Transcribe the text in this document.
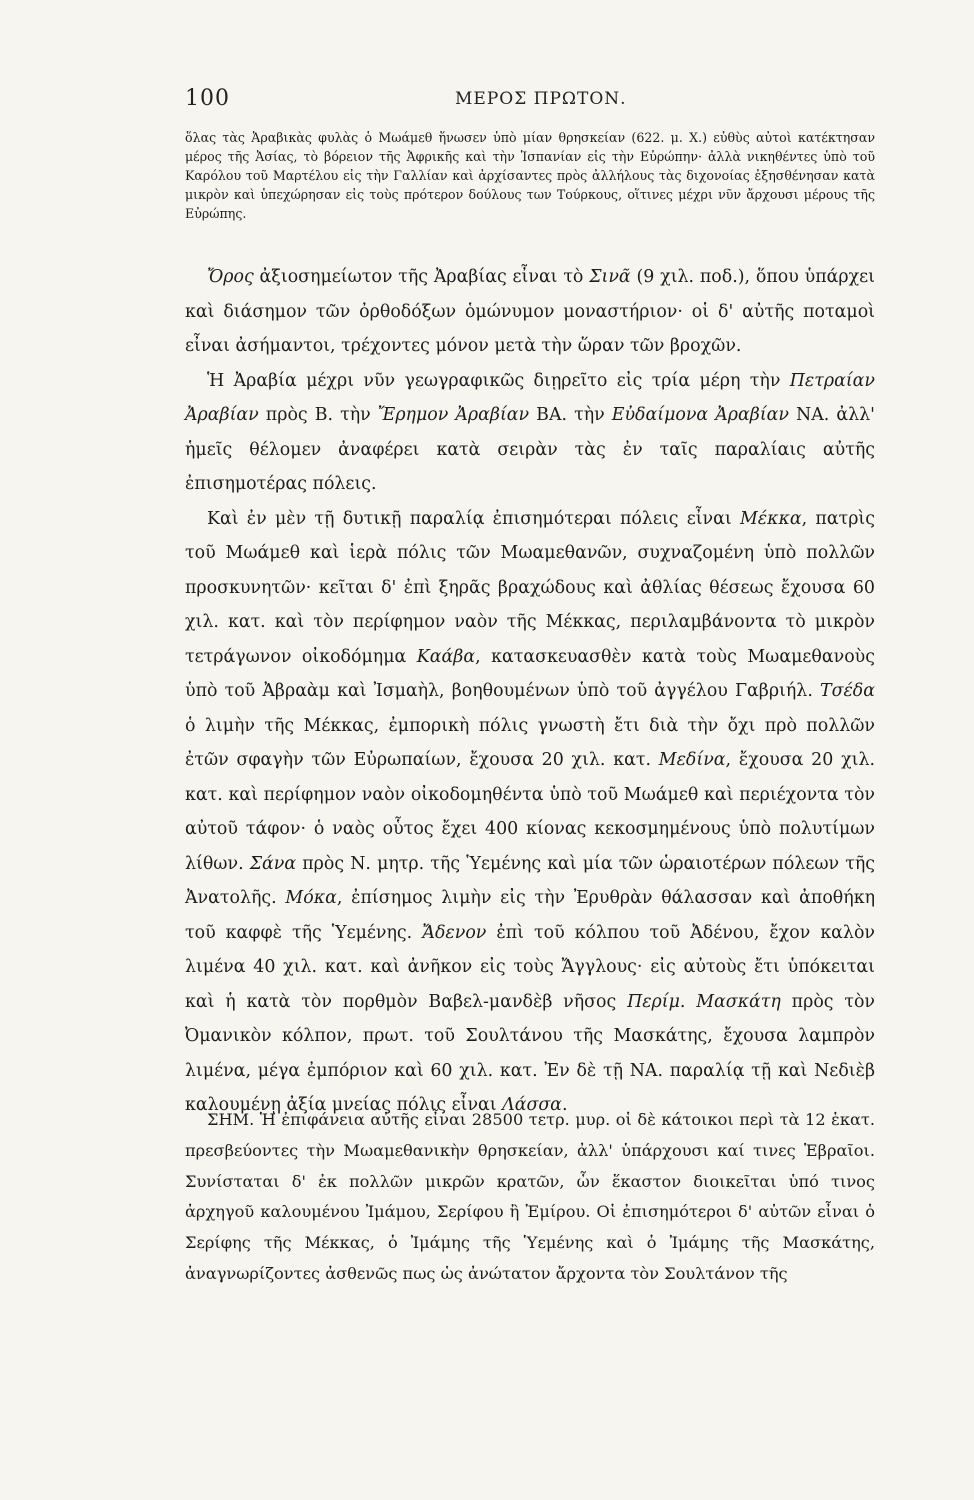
100	ΜΕΡΟΣ ΠΡΩΤΟΝ.

ὅλας τὰς Ἀραβικὰς φυλὰς ὁ Μωάμεθ ἥνωσεν ὑπὸ μίαν θρησκείαν (622. μ. Χ.) εὐθὺς αὐτοὶ κατέκτησαν μέρος τῆς Ἀσίας, τὸ βόρειον τῆς Ἀφρικῆς καὶ τὴν Ἱσπανίαν εἰς τὴν Εὐρώπην· ἀλλὰ νικηθέντες ὑπὸ τοῦ Καρόλου τοῦ Μαρτέλου εἰς τὴν Γαλλίαν καὶ ἀρχίσαντες πρὸς ἀλλήλους τὰς διχονοίας ἐξησθένησαν κατὰ μικρὸν καὶ ὑπεχώρησαν εἰς τοὺς πρότερον δούλους των Τούρκους, οἵτινες μέχρι νῦν ἄρχουσι μέρους τῆς Εὐρώπης.

Ὄρος ἀξιοσημείωτον τῆς Ἀραβίας εἶναι τὸ Σινᾶ (9 χιλ. ποδ.), ὅπου ὑπάρχει καὶ διάσημον τῶν ὀρθοδόξων ὁμώνυμον μοναστήριον· οἱ δ' αὐτῆς ποταμοὶ εἶναι ἀσήμαντοι, τρέχοντες μόνον μετὰ τὴν ὥραν τῶν βροχῶν.

Ἡ Ἀραβία μέχρι νῦν γεωγραφικῶς διῃρεῖτο εἰς τρία μέρη τὴν Πετραίαν Ἀραβίαν πρὸς Β. τὴν Ἔρημον Ἀραβίαν ΒΑ. τὴν Εὐδαίμονα Ἀραβίαν ΝΑ. ἀλλ' ἡμεῖς θέλομεν ἀναφέρει κατὰ σειρὰν τὰς ἐν ταῖς παραλίαις αὐτῆς ἐπισημοτέρας πόλεις.

Καὶ ἐν μὲν τῇ δυτικῇ παραλίᾳ ἐπισημότεραι πόλεις εἶναι Μέκκα, πατρὶς τοῦ Μωάμεθ καὶ ἱερὰ πόλις τῶν Μωαμεθανῶν, συχναζομένη ὑπὸ πολλῶν προσκυνητῶν· κεῖται δ' ἐπὶ ξηρᾶς βραχώδους καὶ ἀθλίας θέσεως ἔχουσα 60 χιλ. κατ. καὶ τὸν περίφημον ναὸν τῆς Μέκκας, περιλαμβάνοντα τὸ μικρὸν τετράγωνον οἰκοδόμημα Καάβα, κατασκευασθὲν κατὰ τοὺς Μωαμεθανοὺς ὑπὸ τοῦ Ἀβραὰμ καὶ Ἰσμαὴλ, βοηθουμένων ὑπὸ τοῦ ἀγγέλου Γαβριήλ. Τσέδα ὁ λιμὴν τῆς Μέκκας, ἐμπορικὴ πόλις γνωστὴ ἔτι διὰ τὴν ὄχι πρὸ πολλῶν ἐτῶν σφαγὴν τῶν Εὐρωπαίων, ἔχουσα 20 χιλ. κατ. Μεδίνα, ἔχουσα 20 χιλ. κατ. καὶ περίφημον ναὸν οἰκοδομηθέντα ὑπὸ τοῦ Μωάμεθ καὶ περιέχοντα τὸν αὐτοῦ τάφον· ὁ ναὸς οὗτος ἔχει 400 κίονας κεκοσμημένους ὑπὸ πολυτίμων λίθων. Σάνα πρὸς Ν. μητρ. τῆς Ὑεμένης καὶ μία τῶν ὡραιοτέρων πόλεων τῆς Ἀνατολῆς. Μόκα, ἐπίσημος λιμὴν εἰς τὴν Ἐρυθρὰν θάλασσαν καὶ ἀποθήκη τοῦ καφφὲ τῆς Ὑεμένης. Ἄδενον ἐπὶ τοῦ κόλπου τοῦ Ἀδένου, ἔχον καλὸν λιμένα 40 χιλ. κατ. καὶ ἀνῆκον εἰς τοὺς Ἄγγλους· εἰς αὐτοὺς ἔτι ὑπόκειται καὶ ἡ κατὰ τὸν πορθμὸν Βαβελ-μανδὲβ νῆσος Περίμ. Μασκάτη πρὸς τὸν Ὀμανικὸν κόλπον, πρωτ. τοῦ Σουλτάνου τῆς Μασκάτης, ἔχουσα λαμπρὸν λιμένα, μέγα ἐμπόριον καὶ 60 χιλ. κατ. Ἐν δὲ τῇ ΝΑ. παραλίᾳ τῇ καὶ Νεδιὲβ καλουμένῃ ἀξία μνείας πόλις εἶναι Λάσσα.

ΣΗΜ. Ἡ ἐπιφάνεια αὐτῆς εἶναι 28500 τετρ. μυρ. οἱ δὲ κάτοικοι περὶ τὰ 12 ἑκατ. πρεσβεύοντες τὴν Μωαμεθανικὴν θρησκείαν, ἀλλ' ὑπάρχουσι καί τινες Ἑβραῖοι. Συνίσταται δ' ἐκ πολλῶν μικρῶν κρατῶν, ὧν ἕκαστον διοικεῖται ὑπό τινος ἀρχηγοῦ καλουμένου Ἰμάμου, Σερίφου ἢ Ἐμίρου. Οἱ ἐπισημότεροι δ' αὐτῶν εἶναι ὁ Σερίφης τῆς Μέκκας, ὁ Ἰμάμης τῆς Ὑεμένης καὶ ὁ Ἰμάμης τῆς Μασκάτης, ἀναγνωρίζοντες ἀσθενῶς πως ὡς ἀνώτατον ἄρχοντα τὸν Σουλτάνον τῆς
